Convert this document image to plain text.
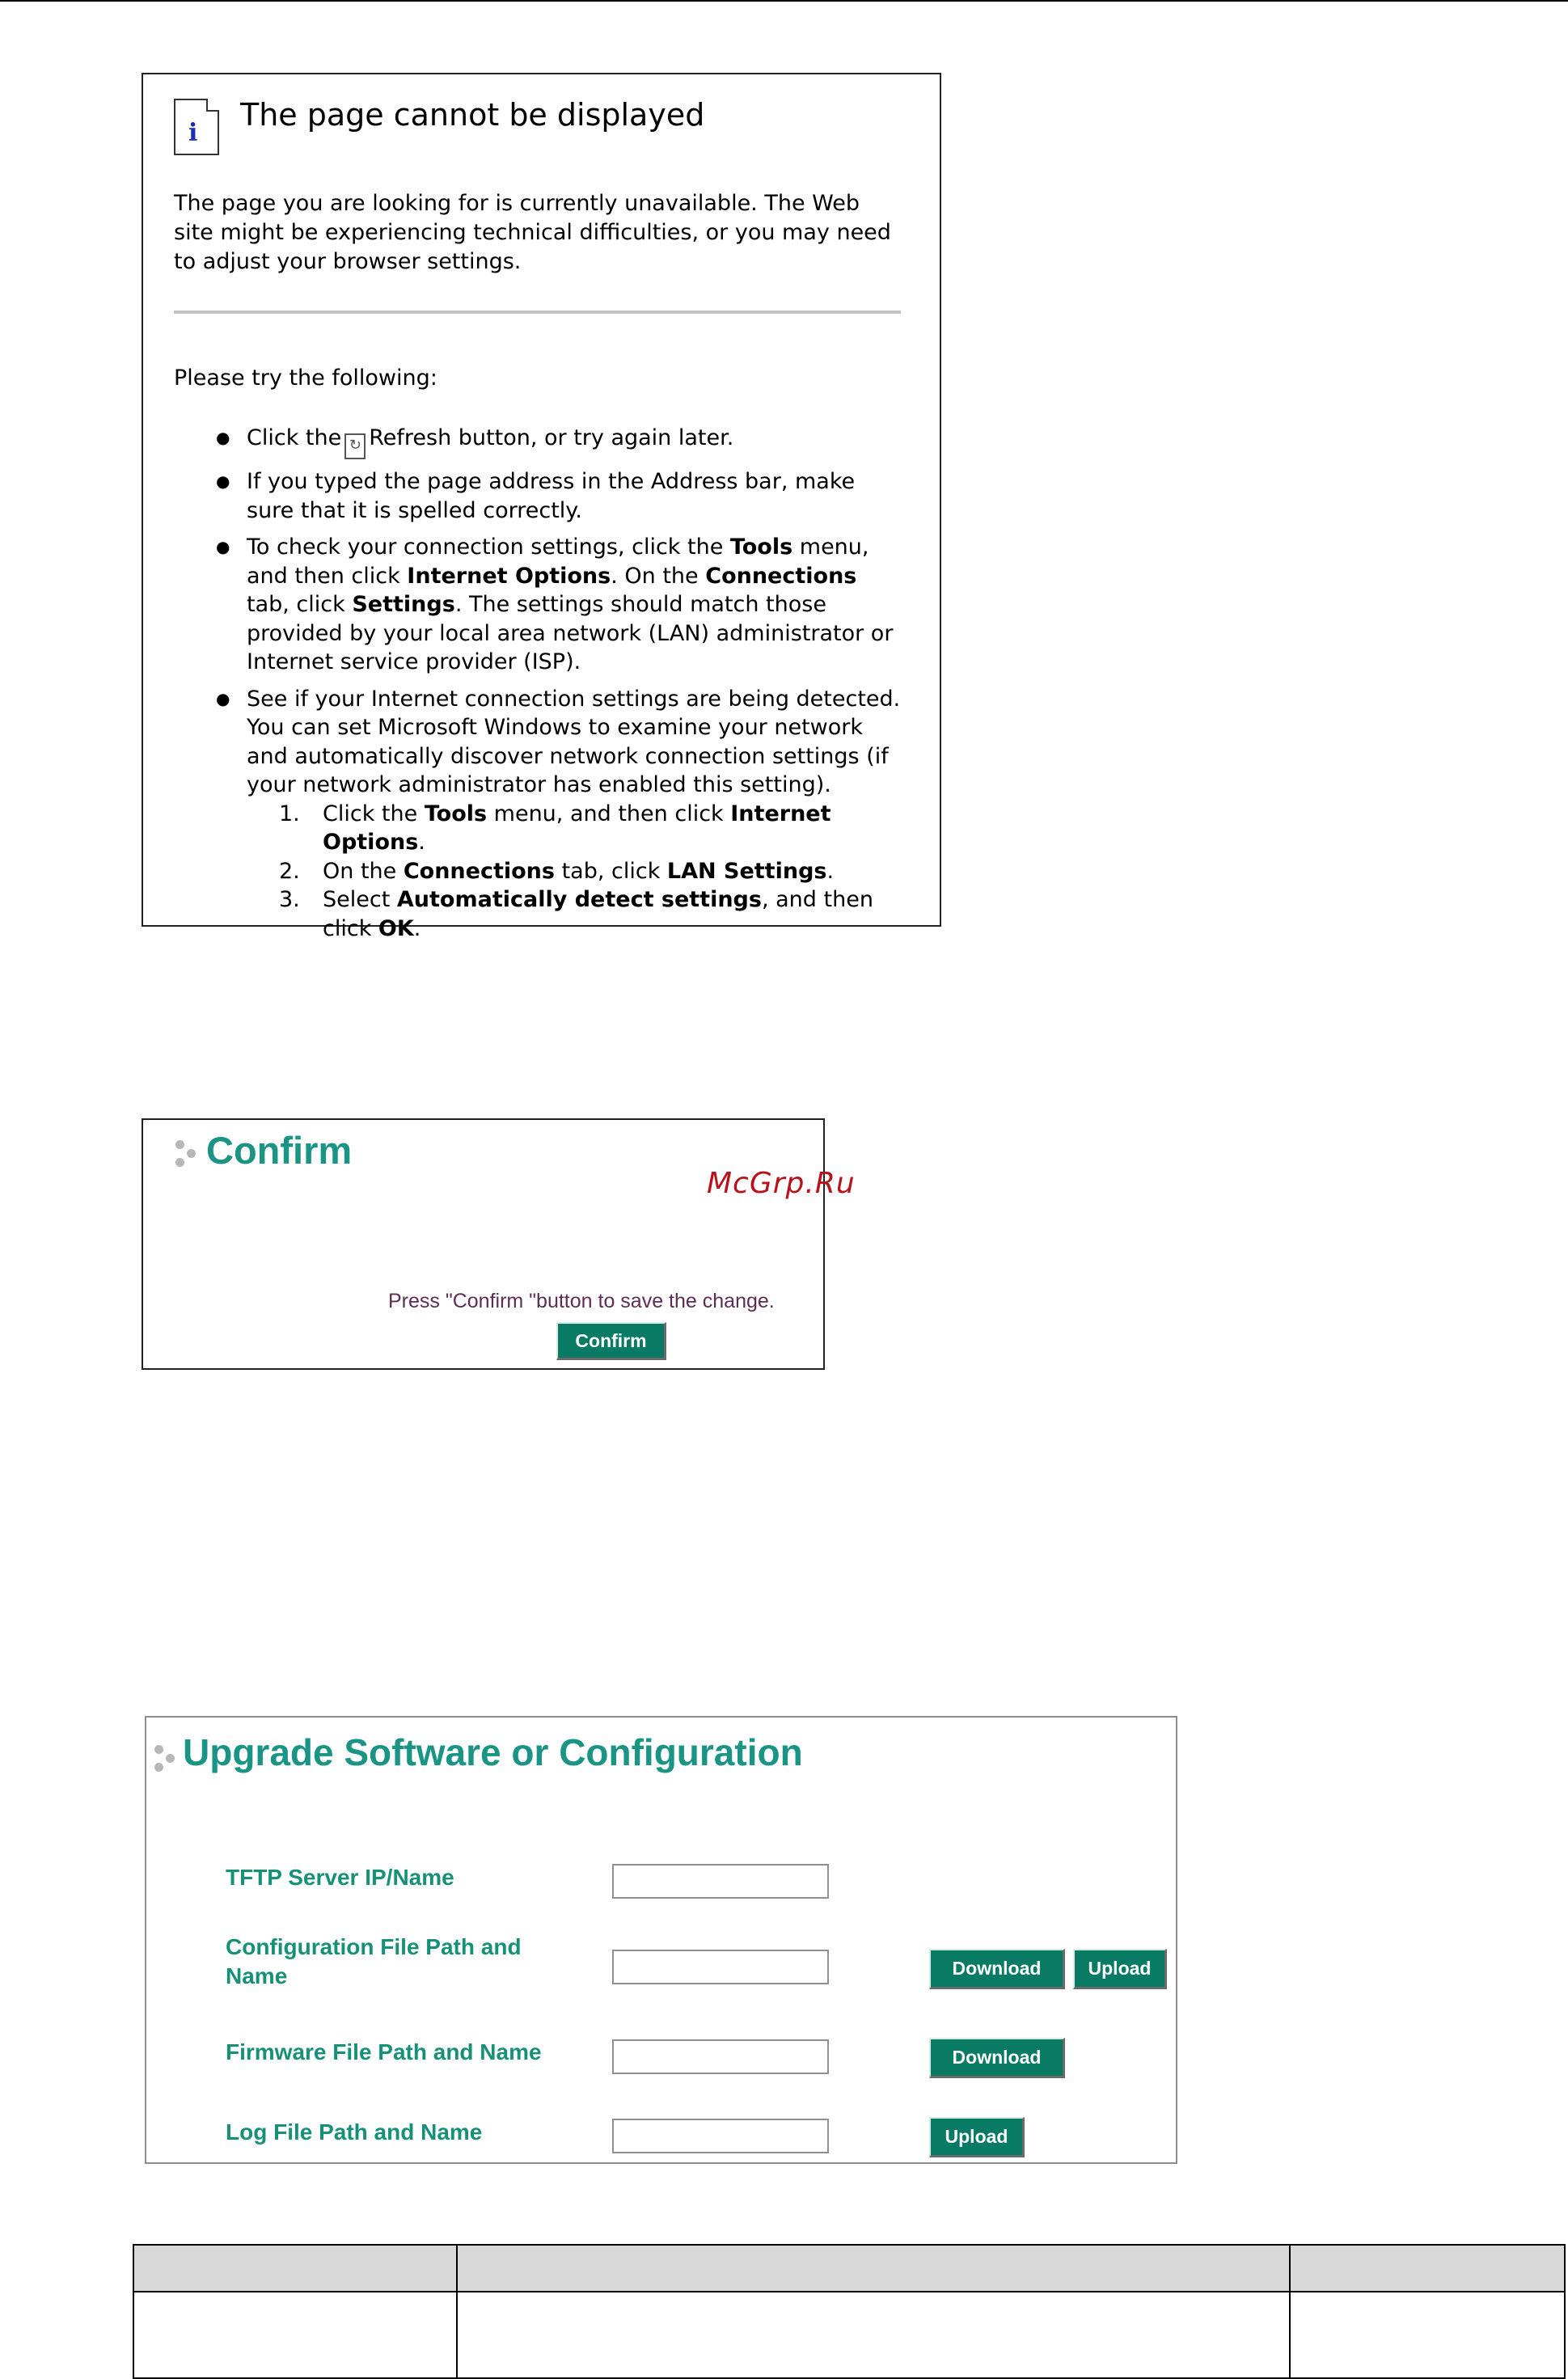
i
The page cannot be displayed

The page you are looking for is currently unavailable. The Web
site might be experiencing technical difficulties, or you may need
to adjust your browser settings.

Please try the following:

● Click the ↻ Refresh button, or try again later.
● If you typed the page address in the Address bar, make
sure that it is spelled correctly.
● To check your connection settings, click the Tools menu,
and then click Internet Options. On the Connections
tab, click Settings. The settings should match those
provided by your local area network (LAN) administrator or
Internet service provider (ISP).
● See if your Internet connection settings are being detected.
You can set Microsoft Windows to examine your network
and automatically discover network connection settings (if
your network administrator has enabled this setting).
1. Click the Tools menu, and then click Internet
Options.
2. On the Connections tab, click LAN Settings.
3. Select Automatically detect settings, and then
click OK.
Confirm
Press "Confirm "button to save the change.
Confirm
McGrp.Ru
Upgrade Software or Configuration
TFTP Server IP/Name
Configuration File Path and
Name	Download	Upload
Firmware File Path and Name	Download
Log File Path and Name	Upload
